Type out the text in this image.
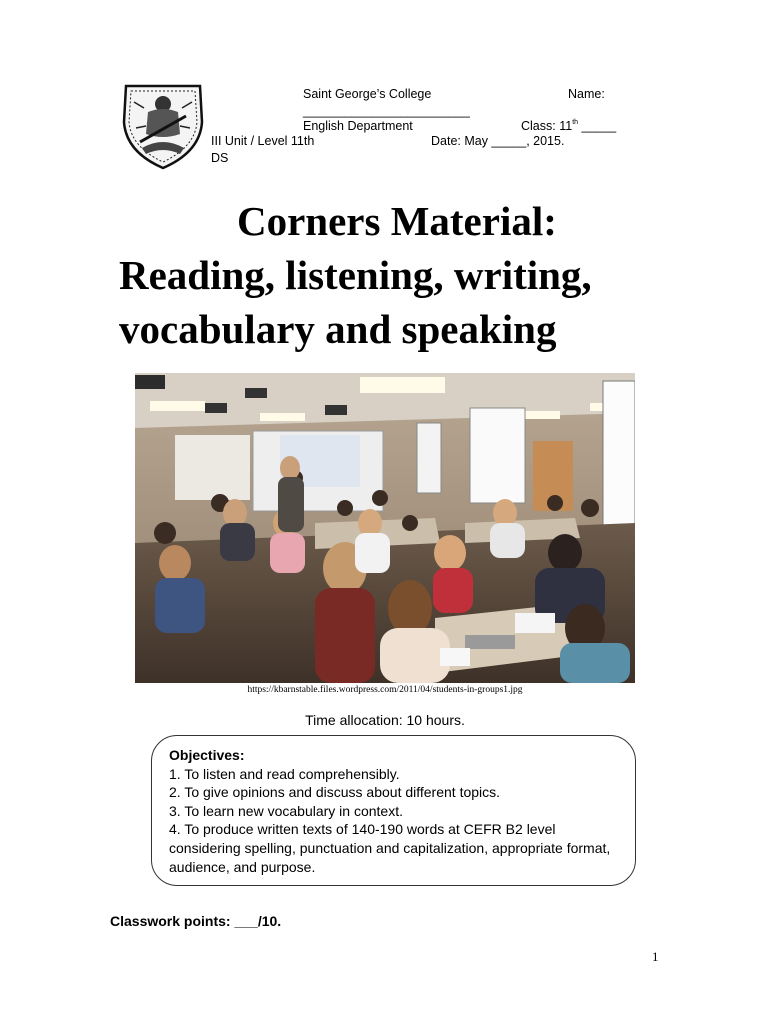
Saint George’s College	Name:
________________________
English Department	Class: 11th _____
III Unit / Level 11th	Date: May _____, 2015.
DS
Corners Material:
Reading, listening, writing,
vocabulary and speaking
https://kbarnstable.files.wordpress.com/2011/04/students-in-groups1.jpg
Time allocation: 10 hours.
Objectives:
1. To listen and read comprehensibly.
2. To give opinions and discuss about different topics.
3. To learn new vocabulary in context.
4. To produce written texts of 140-190 words at CEFR B2 level considering spelling, punctuation and capitalization, appropriate format, audience, and purpose.
Classwork points: ___/10.
1
